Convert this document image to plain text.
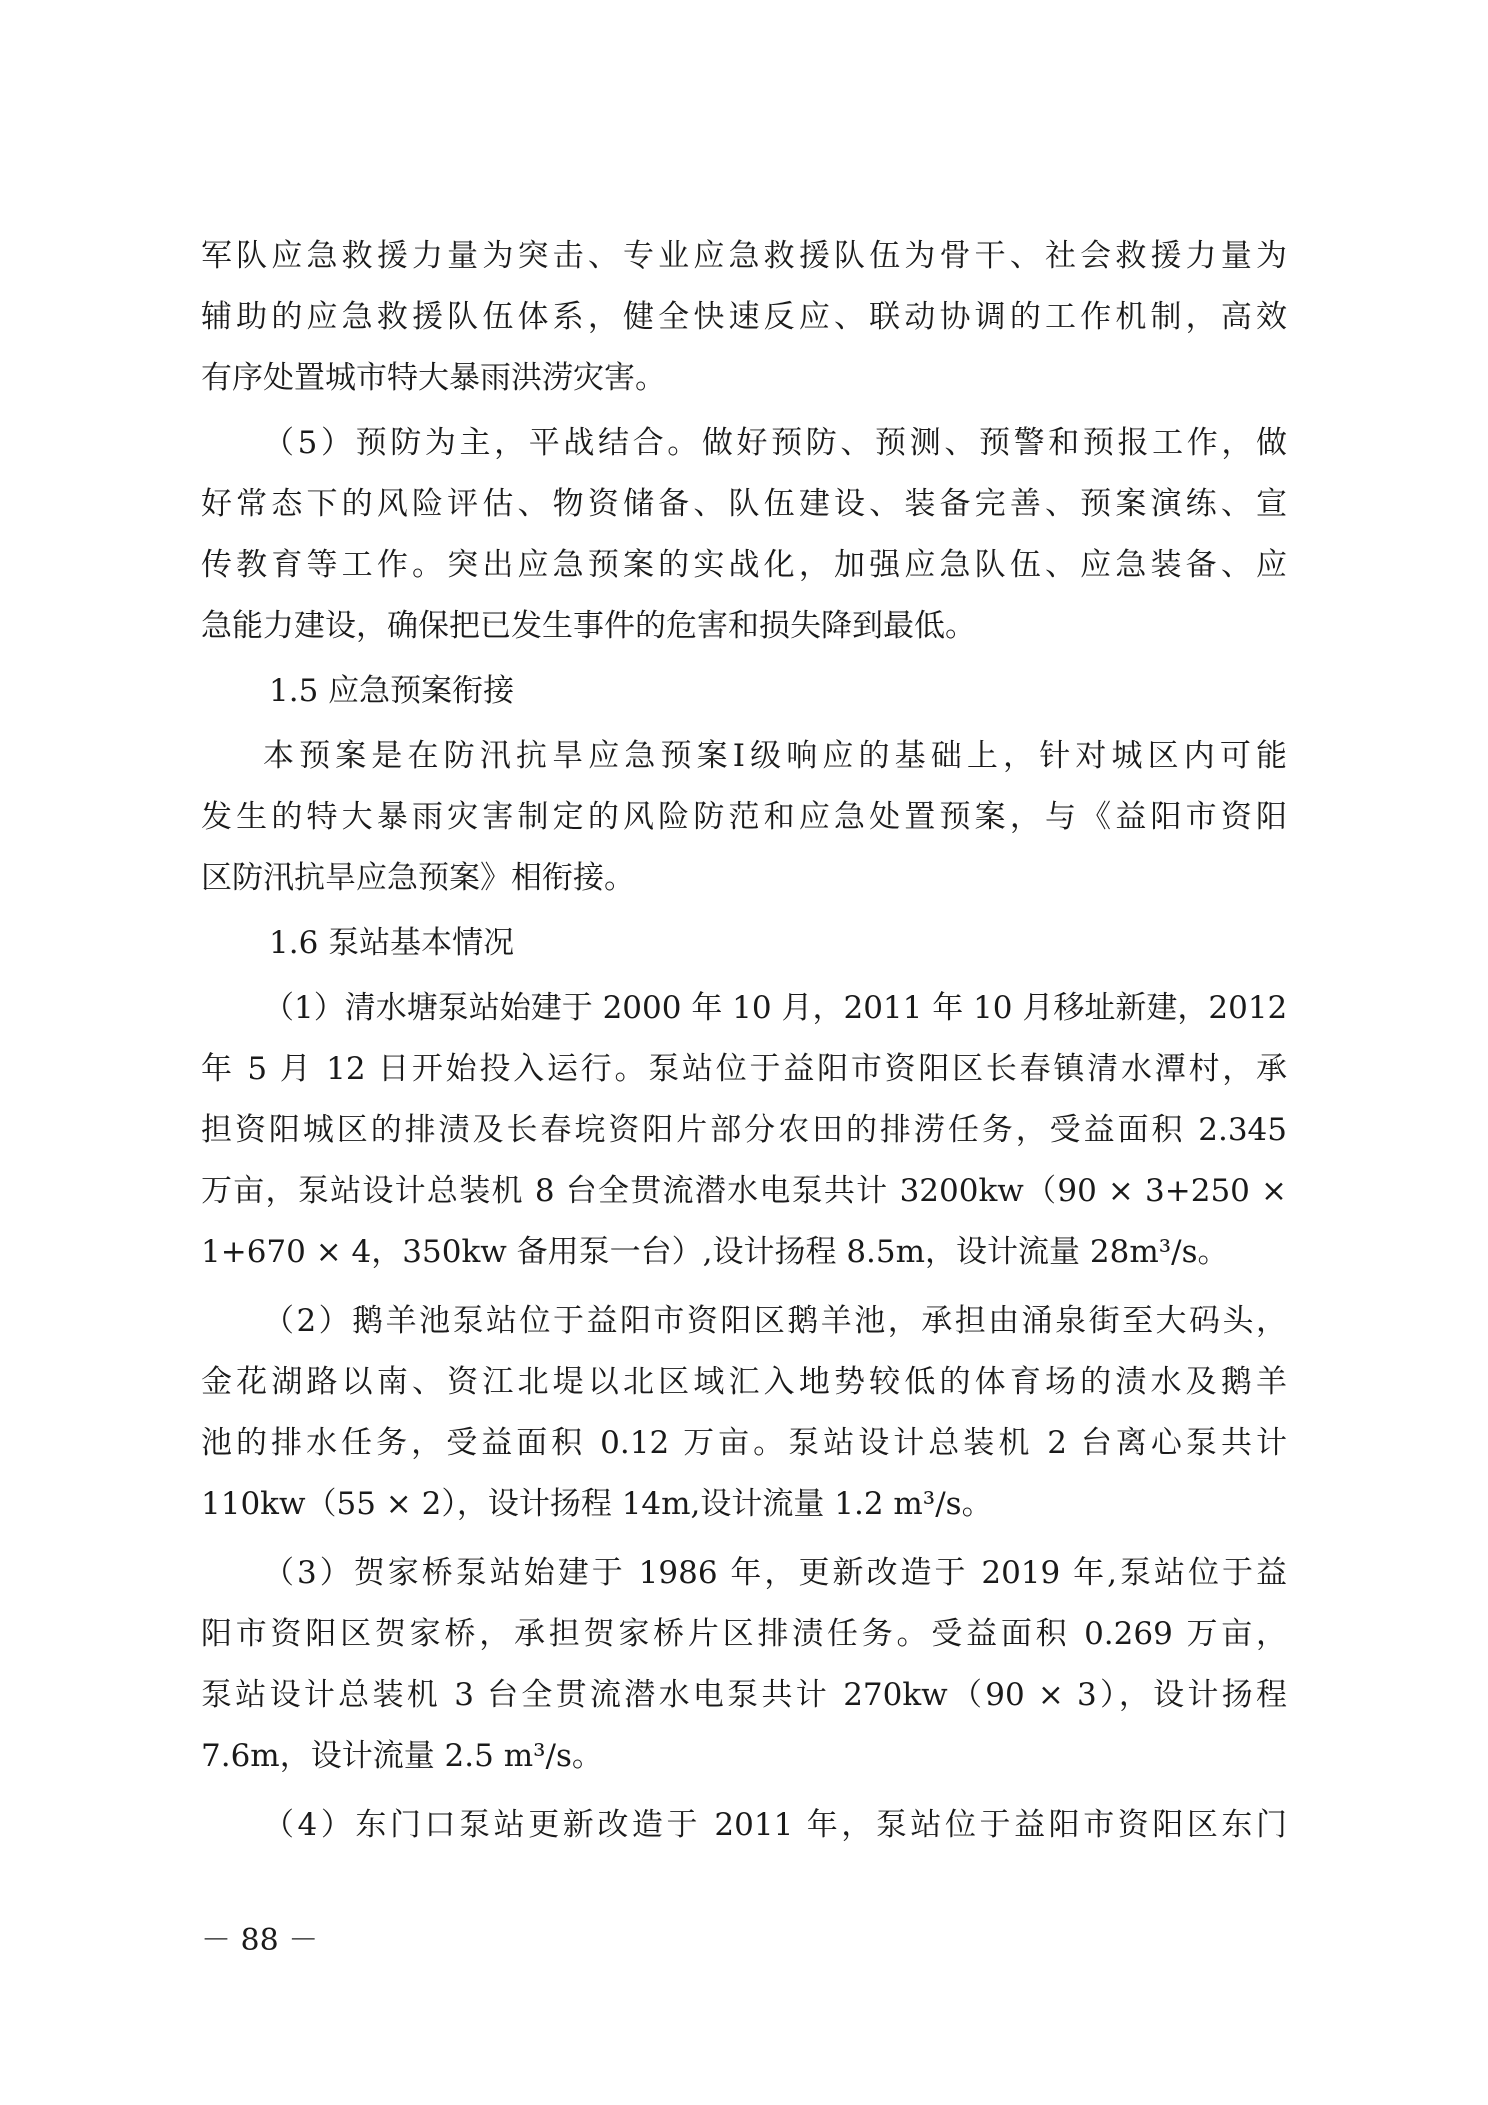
军队应急救援力量为突击、专业应急救援队伍为骨干、社会救援力量为
辅助的应急救援队伍体系，健全快速反应、联动协调的工作机制，高效
有序处置城市特大暴雨洪涝灾害。
（5）预防为主，平战结合。做好预防、预测、预警和预报工作，做
好常态下的风险评估、物资储备、队伍建设、装备完善、预案演练、宣
传教育等工作。突出应急预案的实战化，加强应急队伍、应急装备、应
急能力建设，确保把已发生事件的危害和损失降到最低。
1.5 应急预案衔接
本预案是在防汛抗旱应急预案Ⅰ级响应的基础上，针对城区内可能
发生的特大暴雨灾害制定的风险防范和应急处置预案，与《益阳市资阳
区防汛抗旱应急预案》相衔接。
1.6 泵站基本情况
（1）清水塘泵站始建于 2000 年 10 月，2011 年 10 月移址新建，2012
年 5 月 12 日开始投入运行。泵站位于益阳市资阳区长春镇清水潭村，承
担资阳城区的排渍及长春垸资阳片部分农田的排涝任务，受益面积 2.345
万亩，泵站设计总装机 8 台全贯流潜水电泵共计 3200kw（90 × 3+250 ×
1+670 × 4，350kw 备用泵一台）,设计扬程 8.5m，设计流量 28m³/s。
（2）鹅羊池泵站位于益阳市资阳区鹅羊池，承担由涌泉街至大码头，
金花湖路以南、资江北堤以北区域汇入地势较低的体育场的渍水及鹅羊
池的排水任务，受益面积 0.12 万亩。泵站设计总装机 2 台离心泵共计
110kw（55 × 2），设计扬程 14m,设计流量 1.2 m³/s。
（3）贺家桥泵站始建于 1986 年，更新改造于 2019 年,泵站位于益
阳市资阳区贺家桥，承担贺家桥片区排渍任务。受益面积 0.269 万亩，
泵站设计总装机 3 台全贯流潜水电泵共计 270kw（90 × 3），设计扬程
7.6m，设计流量 2.5 m³/s。
（4）东门口泵站更新改造于 2011 年，泵站位于益阳市资阳区东门
－ 88 －
